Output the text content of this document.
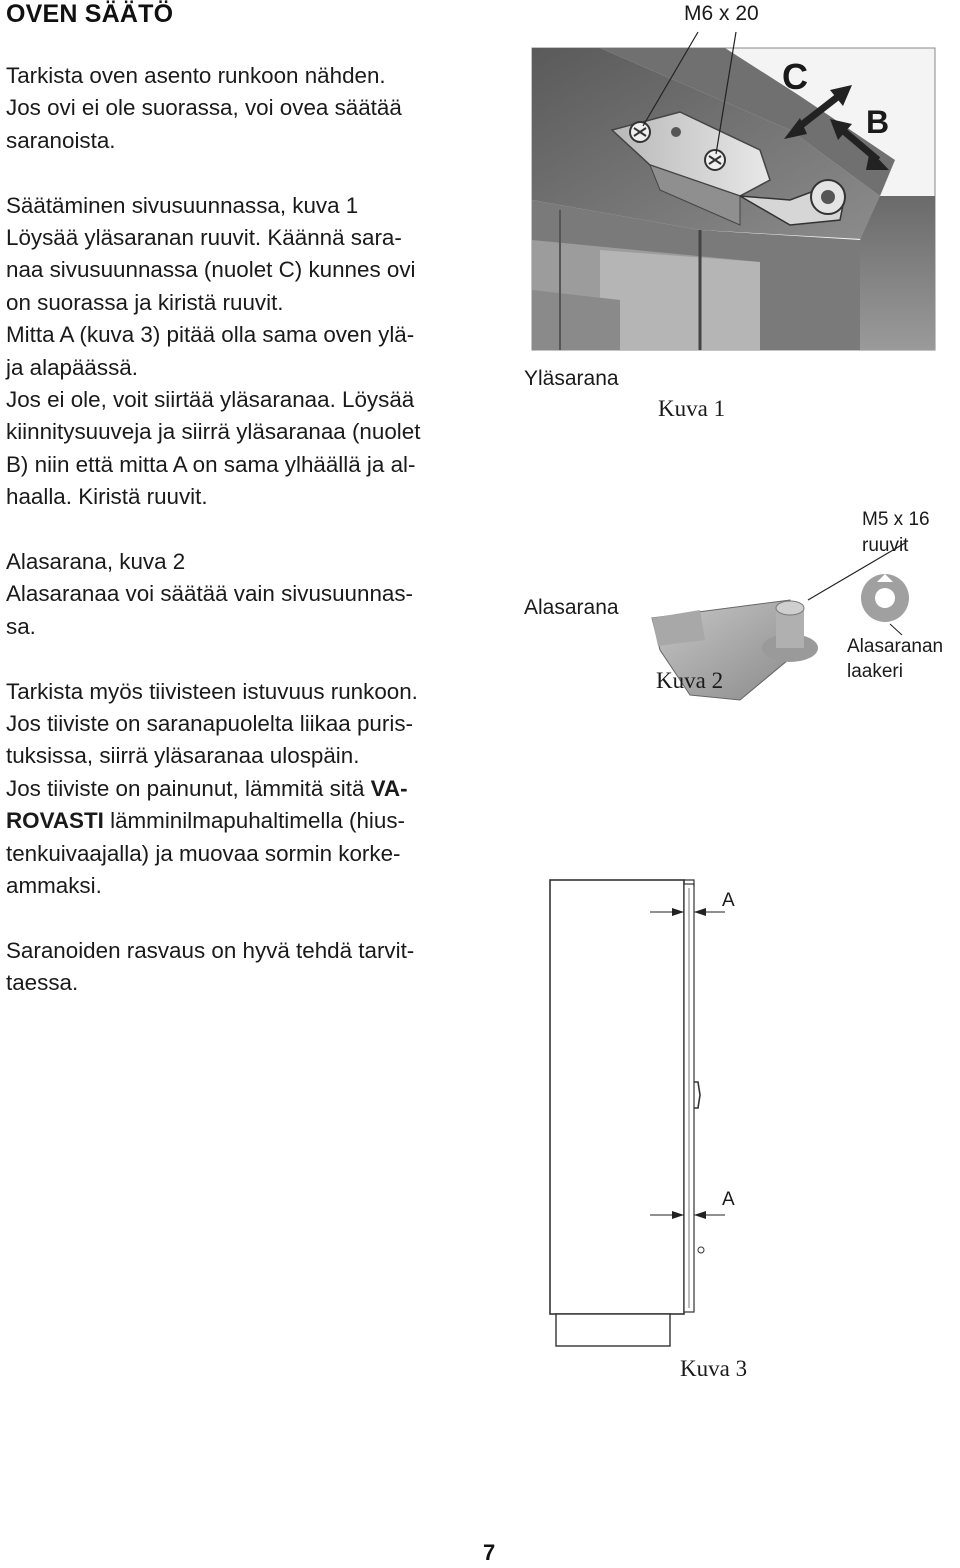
OVEN SÄÄTÖ

Tarkista oven asento runkoon nähden.
Jos ovi ei ole suorassa, voi ovea säätää
saranoista.

Säätäminen sivusuunnassa, kuva 1
Löysää yläsaranan ruuvit. Käännä sara-
naa sivusuunnassa (nuolet C) kunnes ovi
on suorassa ja kiristä ruuvit.
Mitta A (kuva 3) pitää olla sama oven ylä-
ja alapäässä.
Jos ei ole, voit siirtää yläsaranaa. Löysää
kiinnitysuuveja ja siirrä yläsaranaa (nuolet
B) niin että mitta A on sama ylhäällä ja al-
haalla. Kiristä ruuvit.

Alasarana, kuva 2
Alasaranaa voi säätää vain sivusuunnas-
sa.

Tarkista myös tiivisteen istuvuus runkoon.
Jos tiiviste on saranapuolelta liikaa puris-
tuksissa, siirrä yläsaranaa ulospäin.
Jos tiiviste on painunut, lämmitä sitä VA-
ROVASTI lämminilmapuhaltimella (hius-
tenkuivaajalla) ja muovaa sormin korke-
ammaksi.

Saranoiden rasvaus on hyvä tehdä tarvit-
taessa.

M6 x 20
C
B
Yläsarana
Kuva 1
Alasarana
Kuva 2
M5 x 16
ruuvit
Alasaranan
laakeri
A
A
Kuva 3
7
